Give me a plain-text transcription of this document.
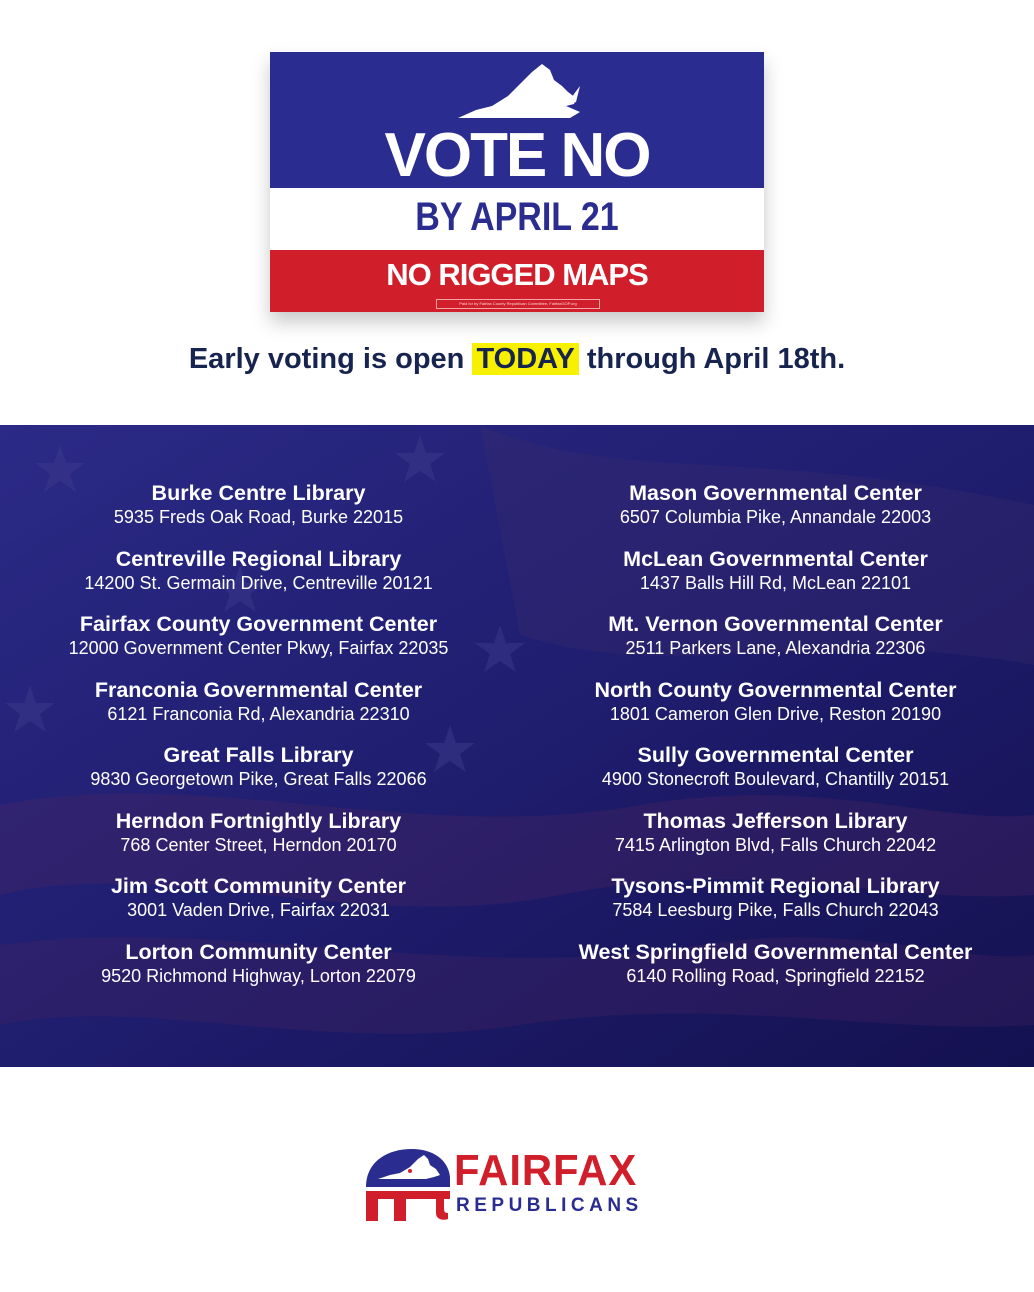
VOTE NO
BY APRIL 21
NO RIGGED MAPS
Paid for by Fairfax County Republican Committee, FairfaxGOP.org
Early voting is open TODAY through April 18th.
Burke Centre Library
5935 Freds Oak Road, Burke 22015
Centreville Regional Library
14200 St. Germain Drive, Centreville 20121
Fairfax County Government Center
12000 Government Center Pkwy, Fairfax 22035
Franconia Governmental Center
6121 Franconia Rd, Alexandria 22310
Great Falls Library
9830 Georgetown Pike, Great Falls 22066
Herndon Fortnightly Library
768 Center Street, Herndon 20170
Jim Scott Community Center
3001 Vaden Drive, Fairfax 22031
Lorton Community Center
9520 Richmond Highway, Lorton 22079
Mason Governmental Center
6507 Columbia Pike, Annandale 22003
McLean Governmental Center
1437 Balls Hill Rd, McLean 22101
Mt. Vernon Governmental Center
2511 Parkers Lane, Alexandria 22306
North County Governmental Center
1801 Cameron Glen Drive, Reston 20190
Sully Governmental Center
4900 Stonecroft Boulevard, Chantilly 20151
Thomas Jefferson Library
7415 Arlington Blvd, Falls Church 22042
Tysons-Pimmit Regional Library
7584 Leesburg Pike, Falls Church 22043
West Springfield Governmental Center
6140 Rolling Road, Springfield 22152
FAIRFAX
REPUBLICANS
